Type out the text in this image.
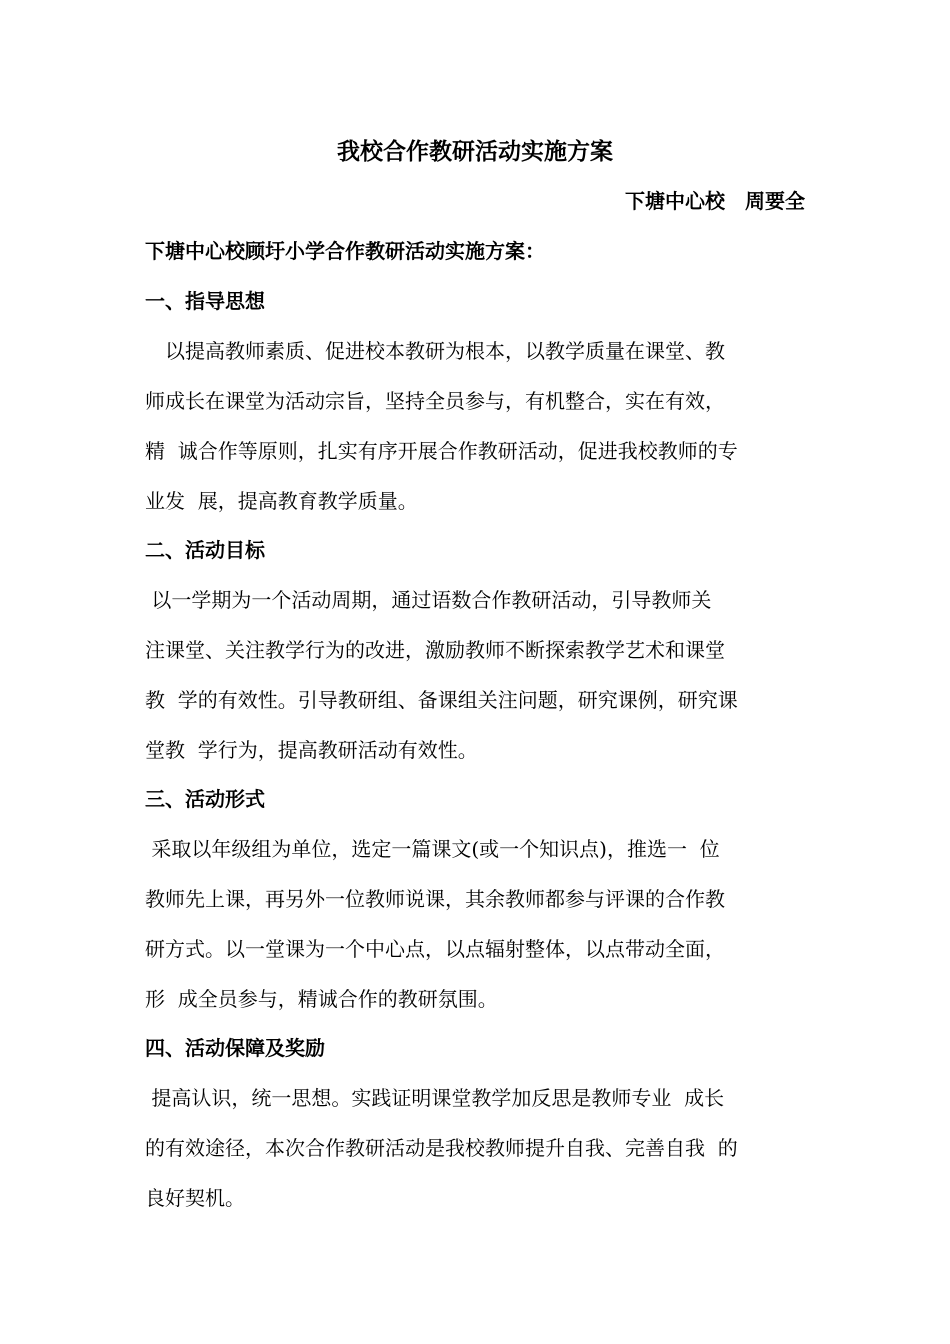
我校合作教研活动实施方案
下塘中心校　周要全
下塘中心校顾圩小学合作教研活动实施方案：
一、指导思想
　以提高教师素质、促进校本教研为根本，以教学质量在课堂、教
师成长在课堂为活动宗旨，坚持全员参与，有机整合，实在有效，
精  诚合作等原则，扎实有序开展合作教研活动，促进我校教师的专
业发  展，提高教育教学质量。
二、活动目标
以一学期为一个活动周期，通过语数合作教研活动，引导教师关
注课堂、关注教学行为的改进，激励教师不断探索教学艺术和课堂
教  学的有效性。引导教研组、备课组关注问题，研究课例，研究课
堂教  学行为，提高教研活动有效性。
三、活动形式
采取以年级组为单位，选定一篇课文(或一个知识点)，推选一  位
教师先上课，再另外一位教师说课，其余教师都参与评课的合作教
研方式。以一堂课为一个中心点，以点辐射整体，以点带动全面，
形  成全员参与，精诚合作的教研氛围。
四、活动保障及奖励
提高认识，统一思想。实践证明课堂教学加反思是教师专业  成长
的有效途径，本次合作教研活动是我校教师提升自我、完善自我  的
良好契机。
